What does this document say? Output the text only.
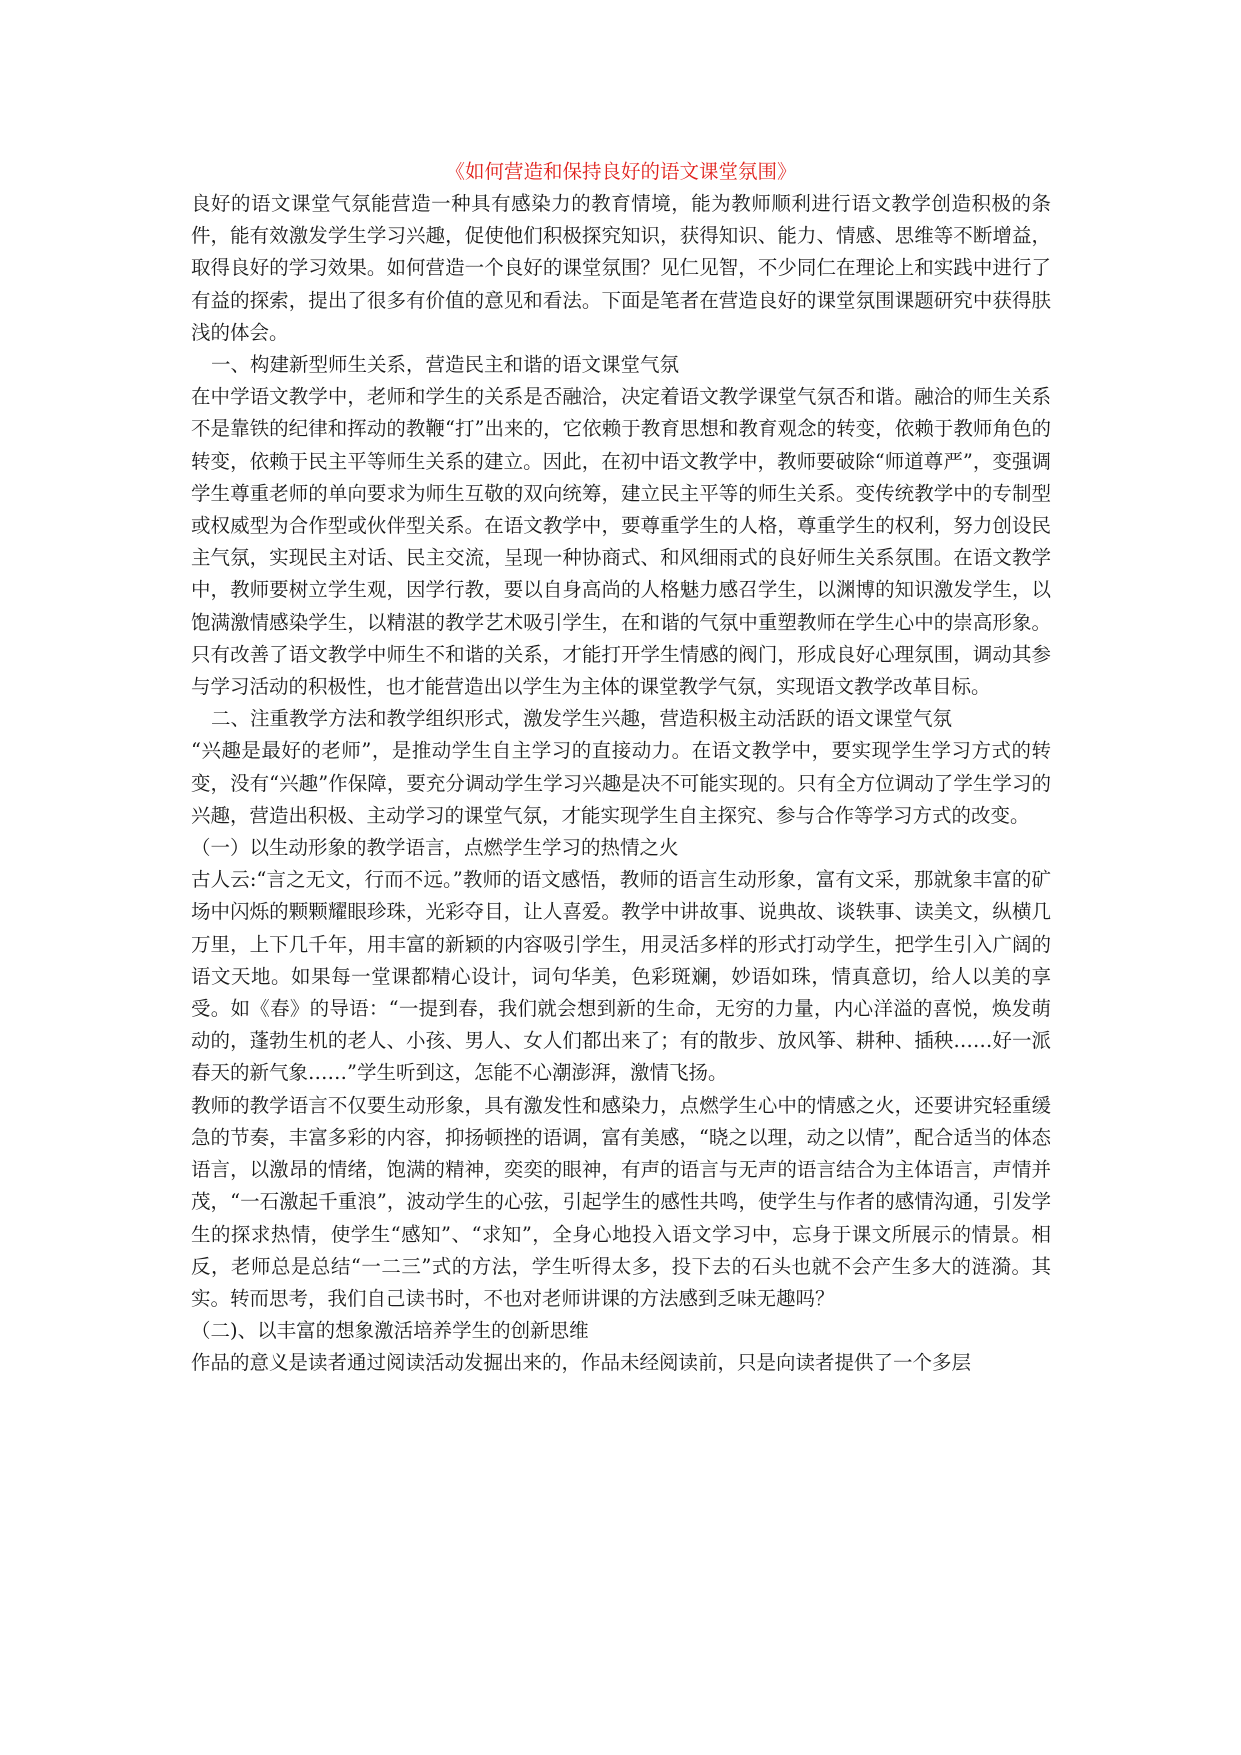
《如何营造和保持良好的语文课堂氛围》

良好的语文课堂气氛能营造一种具有感染力的教育情境，能为教师顺利进行语文教学创造积极的条件，能有效激发学生学习兴趣，促使他们积极探究知识，获得知识、能力、情感、思维等不断增益，取得良好的学习效果。如何营造一个良好的课堂氛围？见仁见智，不少同仁在理论上和实践中进行了有益的探索，提出了很多有价值的意见和看法。下面是笔者在营造良好的课堂氛围课题研究中获得肤浅的体会。

一、构建新型师生关系，营造民主和谐的语文课堂气氛

在中学语文教学中，老师和学生的关系是否融洽，决定着语文教学课堂气氛否和谐。融洽的师生关系不是靠铁的纪律和挥动的教鞭“打”出来的，它依赖于教育思想和教育观念的转变，依赖于教师角色的转变，依赖于民主平等师生关系的建立。因此，在初中语文教学中，教师要破除“师道尊严”，变强调学生尊重老师的单向要求为师生互敬的双向统筹，建立民主平等的师生关系。变传统教学中的专制型或权威型为合作型或伙伴型关系。在语文教学中，要尊重学生的人格，尊重学生的权利，努力创设民主气氛，实现民主对话、民主交流，呈现一种协商式、和风细雨式的良好师生关系氛围。在语文教学中，教师要树立学生观，因学行教，要以自身高尚的人格魅力感召学生，以渊博的知识激发学生，以饱满激情感染学生，以精湛的教学艺术吸引学生，在和谐的气氛中重塑教师在学生心中的崇高形象。只有改善了语文教学中师生不和谐的关系，才能打开学生情感的阀门，形成良好心理氛围，调动其参与学习活动的积极性，也才能营造出以学生为主体的课堂教学气氛，实现语文教学改革目标。

二、注重教学方法和教学组织形式，激发学生兴趣，营造积极主动活跃的语文课堂气氛

“兴趣是最好的老师”，是推动学生自主学习的直接动力。在语文教学中，要实现学生学习方式的转变，没有“兴趣”作保障，要充分调动学生学习兴趣是决不可能实现的。只有全方位调动了学生学习的兴趣，营造出积极、主动学习的课堂气氛，才能实现学生自主探究、参与合作等学习方式的改变。

（一）以生动形象的教学语言，点燃学生学习的热情之火

古人云:“言之无文，行而不远。”教师的语文感悟，教师的语言生动形象，富有文采，那就象丰富的矿场中闪烁的颗颗耀眼珍珠，光彩夺目，让人喜爱。教学中讲故事、说典故、谈轶事、读美文，纵横几万里，上下几千年，用丰富的新颖的内容吸引学生，用灵活多样的形式打动学生，把学生引入广阔的语文天地。如果每一堂课都精心设计，词句华美，色彩斑斓，妙语如珠，情真意切，给人以美的享受。如《春》的导语：“一提到春，我们就会想到新的生命，无穷的力量，内心洋溢的喜悦，焕发萌动的，蓬勃生机的老人、小孩、男人、女人们都出来了；有的散步、放风筝、耕种、插秧……好一派春天的新气象……”学生听到这，怎能不心潮澎湃，激情飞扬。

教师的教学语言不仅要生动形象，具有激发性和感染力，点燃学生心中的情感之火，还要讲究轻重缓急的节奏，丰富多彩的内容，抑扬顿挫的语调，富有美感，“晓之以理，动之以情”，配合适当的体态语言，以激昂的情绪，饱满的精神，奕奕的眼神，有声的语言与无声的语言结合为主体语言，声情并茂，“一石激起千重浪”，波动学生的心弦，引起学生的感性共鸣，使学生与作者的感情沟通，引发学生的探求热情，使学生“感知”、“求知”，全身心地投入语文学习中，忘身于课文所展示的情景。相反，老师总是总结“一二三”式的方法，学生听得太多，投下去的石头也就不会产生多大的涟漪。其实。转而思考，我们自己读书时，不也对老师讲课的方法感到乏味无趣吗？

（二)、以丰富的想象激活培养学生的创新思维

作品的意义是读者通过阅读活动发掘出来的，作品未经阅读前，只是向读者提供了一个多层
